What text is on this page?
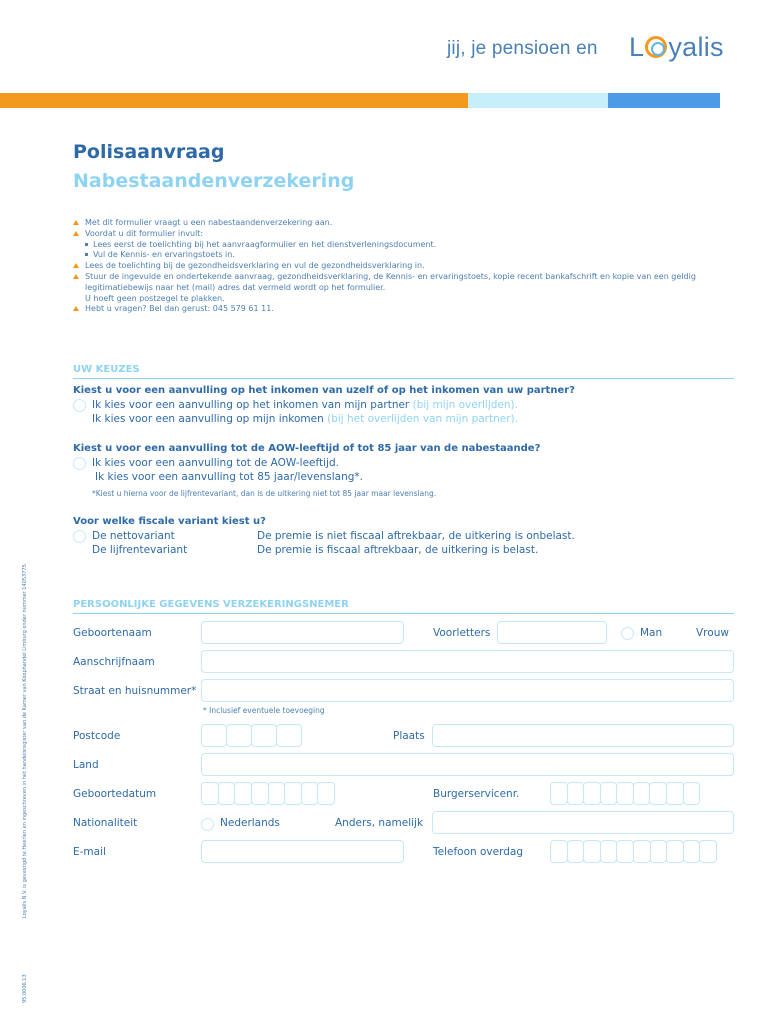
jij, je pensioen en L yalis
Polisaanvraag
Nabestaandenverzekering
Met dit formulier vraagt u een nabestaandenverzekering aan.
Voordat u dit formulier invult:
Lees eerst de toelichting bij het aanvraagformulier en het dienstverleningsdocument.
Vul de Kennis- en ervaringstoets in.
Lees de toelichting bij de gezondheidsverklaring en vul de gezondheidsverklaring in.
Stuur de ingevulde en ondertekende aanvraag, gezondheidsverklaring, de Kennis- en ervaringstoets, kopie recent bankafschrift en kopie van een geldig
legitimatiebewijs naar het (mail) adres dat vermeld wordt op het formulier.
U hoeft geen postzegel te plakken.
Hebt u vragen? Bel dan gerust: 045 579 61 11.
UW KEUZES
Kiest u voor een aanvulling op het inkomen van uzelf of op het inkomen van uw partner?
Ik kies voor een aanvulling op het inkomen van mijn partner (bij mijn overlijden).
Ik kies voor een aanvulling op mijn inkomen (bij het overlijden van mijn partner).
Kiest u voor een aanvulling tot de AOW-leeftijd of tot 85 jaar van de nabestaande?
Ik kies voor een aanvulling tot de AOW-leeftijd.
Ik kies voor een aanvulling tot 85 jaar/levenslang*.
*Kiest u hierna voor de lijfrentevariant, dan is de uitkering niet tot 85 jaar maar levenslang.
Voor welke fiscale variant kiest u?
De nettovariant	De premie is niet fiscaal aftrekbaar, de uitkering is onbelast.
De lijfrentevariant	De premie is fiscaal aftrekbaar, de uitkering is belast.
PERSOONLIJKE GEGEVENS VERZEKERINGSNEMER
Geboortenaam	Voorletters	Man	Vrouw
Aanschrijfnaam
Straat en huisnummer*
* Inclusief eventuele toevoeging
Postcode	Plaats
Land
Geboortedatum	Burgerservicenr.
Nationaliteit	Nederlands	Anders, namelijk
E-mail	Telefoon overdag
Loyalis N.V. is gevestigd te Heerlen en ingeschreven in het handelsregister van de Kamer van Koophandel Limburg onder nummer 14053775.
95.0006.13
